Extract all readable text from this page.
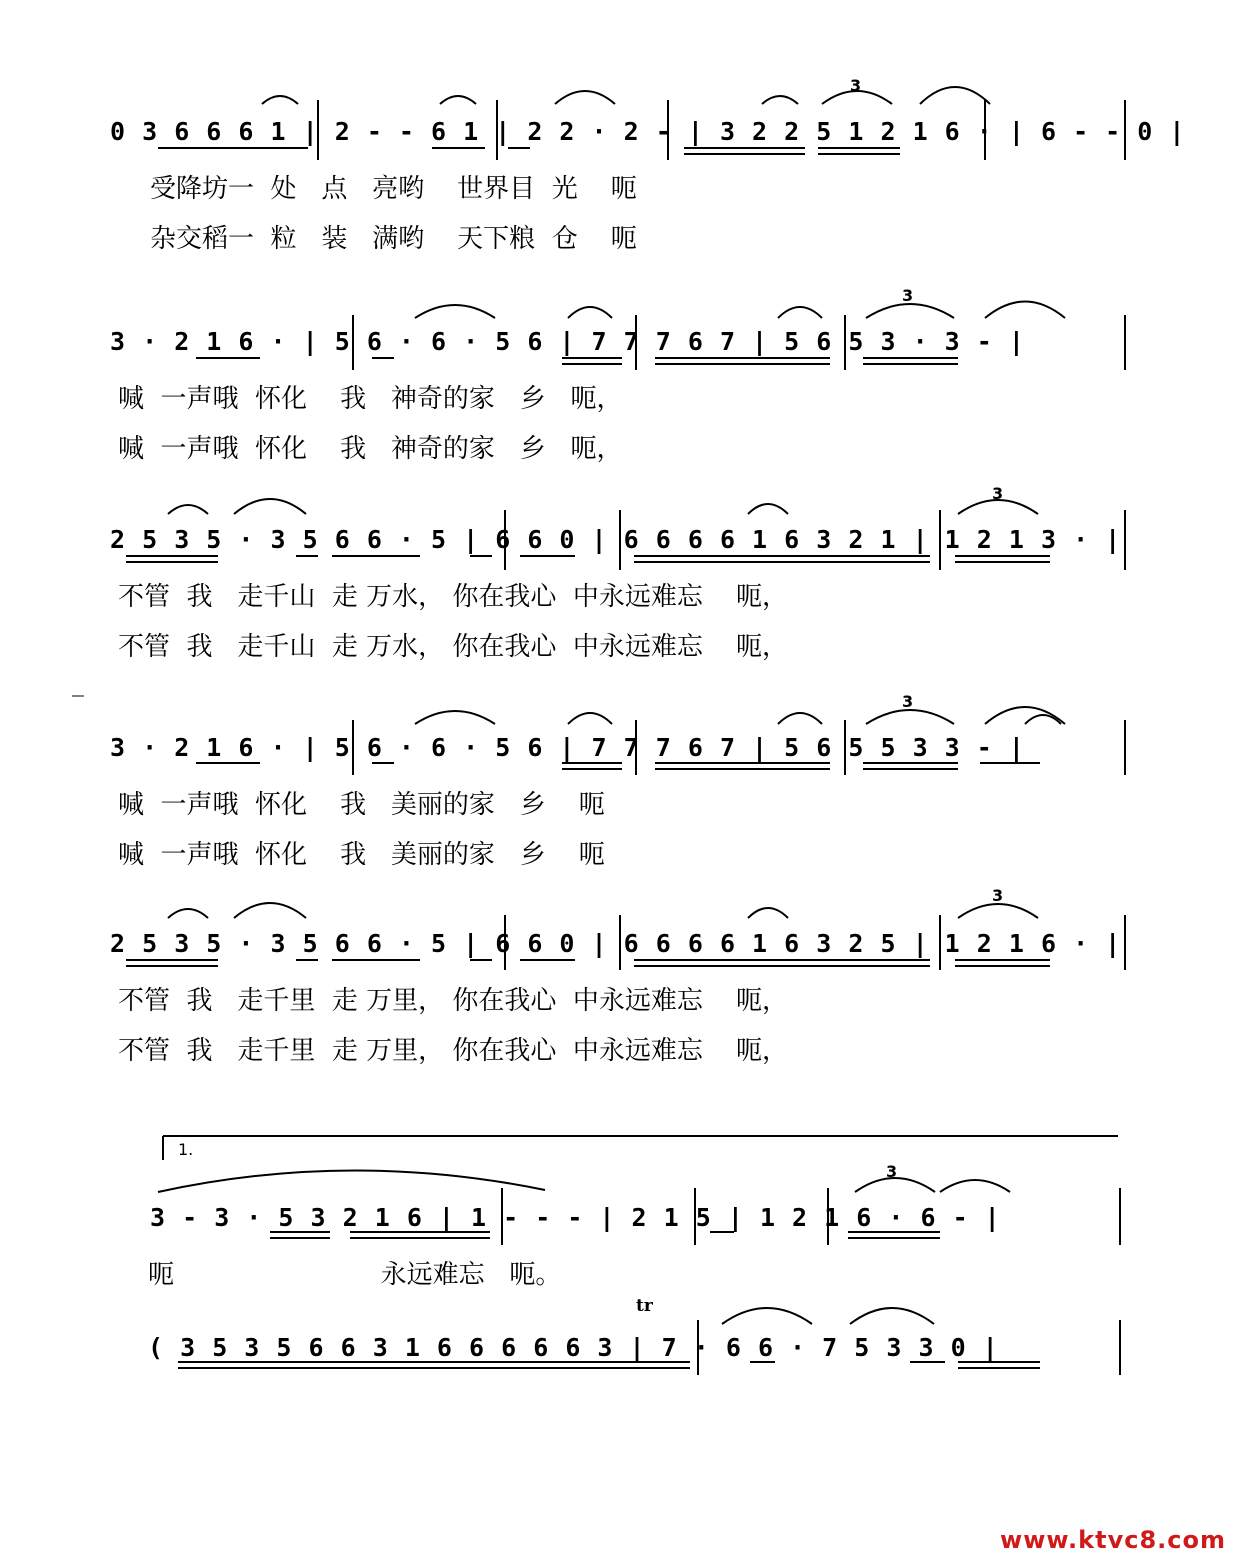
3
3
3
3
3
3
0 3 6 6 6 1 | 2 - - 6 1 | 2 2 · 2 - | 3 2 2 5 1 2 1 6 · | 6 - - 0 |
受降坊一  处   点   亮哟    世界目  光    呃
杂交稻一  粒   装   满哟    天下粮  仓    呃
3 · 2 1 6 · | 5 6 · 6 · 5 6 | 7 7 7 6 7 | 5 6 5 3 · 3 - |
喊  一声哦  怀化    我   神奇的家   乡   呃，
喊  一声哦  怀化    我   神奇的家   乡   呃，
2 5 3 5 · 3 5 6 6 · 5 | 6 6 0 | 6 6 6 6 1 6 3 2 1 | 1 2 1 3 · |
不管  我   走千山  走 万水， 你在我心  中永远难忘    呃，
不管  我   走千山  走 万水， 你在我心  中永远难忘    呃，
3 · 2 1 6 · | 5 6 · 6 · 5 6 | 7 7 7 6 7 | 5 6 5 5 3 3 - |
喊  一声哦  怀化    我   美丽的家   乡    呃
喊  一声哦  怀化    我   美丽的家   乡    呃
2 5 3 5 · 3 5 6 6 · 5 | 6 6 0 | 6 6 6 6 1 6 3 2 5 | 1 2 1 6 · |
不管  我   走千里  走 万里， 你在我心  中永远难忘    呃，
不管  我   走千里  走 万里， 你在我心  中永远难忘    呃，
1.
3 - 3 · 5 3 2 1 6 | 1 - - - | 2 1 5 | 1 2 1 6 · 6 - |
呃                         永远难忘   呃。
tr
( 3 5 3 5 6 6 3 1 6 6 6 6 6 3 | 7 · 6 6 · 7 5 3 3 0 |
www.ktvc8.com
